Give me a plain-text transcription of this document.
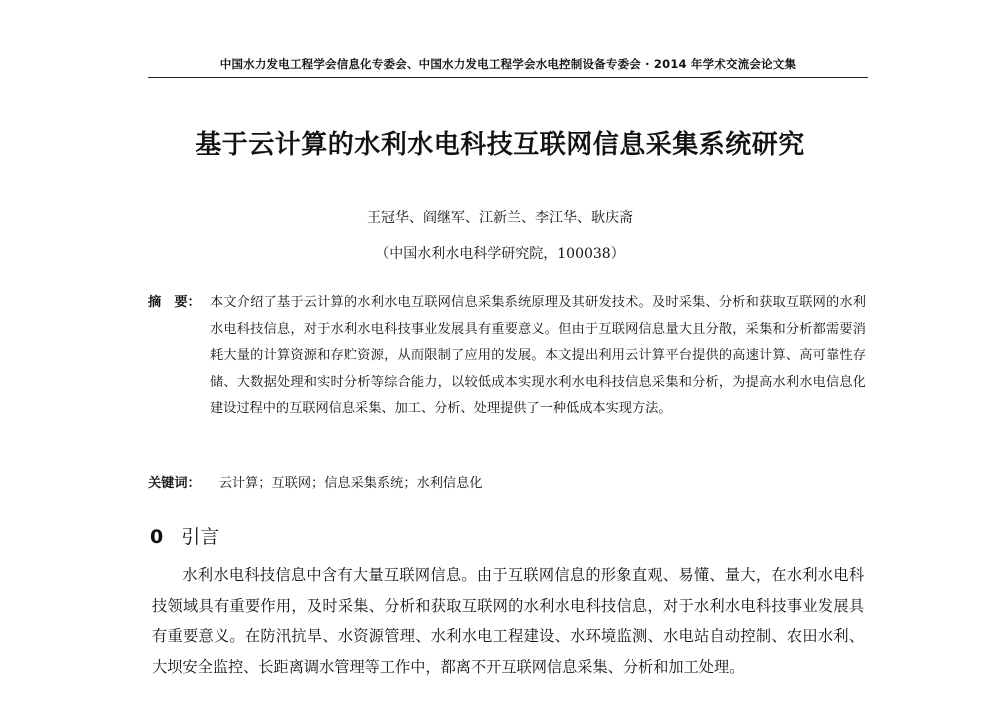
中国水力发电工程学会信息化专委会、中国水力发电工程学会水电控制设备专委会 · 2014 年学术交流会论文集
基于云计算的水利水电科技互联网信息采集系统研究
王冠华、阎继军、江新兰、李江华、耿庆斋
（中国水利水电科学研究院，100038）
摘　要： 本文介绍了基于云计算的水利水电互联网信息采集系统原理及其研发技术。及时采集、分析和获取互联网的水利水电科技信息，对于水利水电科技事业发展具有重要意义。但由于互联网信息量大且分散，采集和分析都需要消耗大量的计算资源和存贮资源，从而限制了应用的发展。本文提出利用云计算平台提供的高速计算、高可靠性存储、大数据处理和实时分析等综合能力，以较低成本实现水利水电科技信息采集和分析，为提高水利水电信息化建设过程中的互联网信息采集、加工、分析、处理提供了一种低成本实现方法。
关键词： 云计算；互联网；信息采集系统；水利信息化
0 引言
水利水电科技信息中含有大量互联网信息。由于互联网信息的形象直观、易懂、量大，在水利水电科技领域具有重要作用，及时采集、分析和获取互联网的水利水电科技信息，对于水利水电科技事业发展具有重要意义。在防汛抗旱、水资源管理、水利水电工程建设、水环境监测、水电站自动控制、农田水利、大坝安全监控、长距离调水管理等工作中，都离不开互联网信息采集、分析和加工处理。
